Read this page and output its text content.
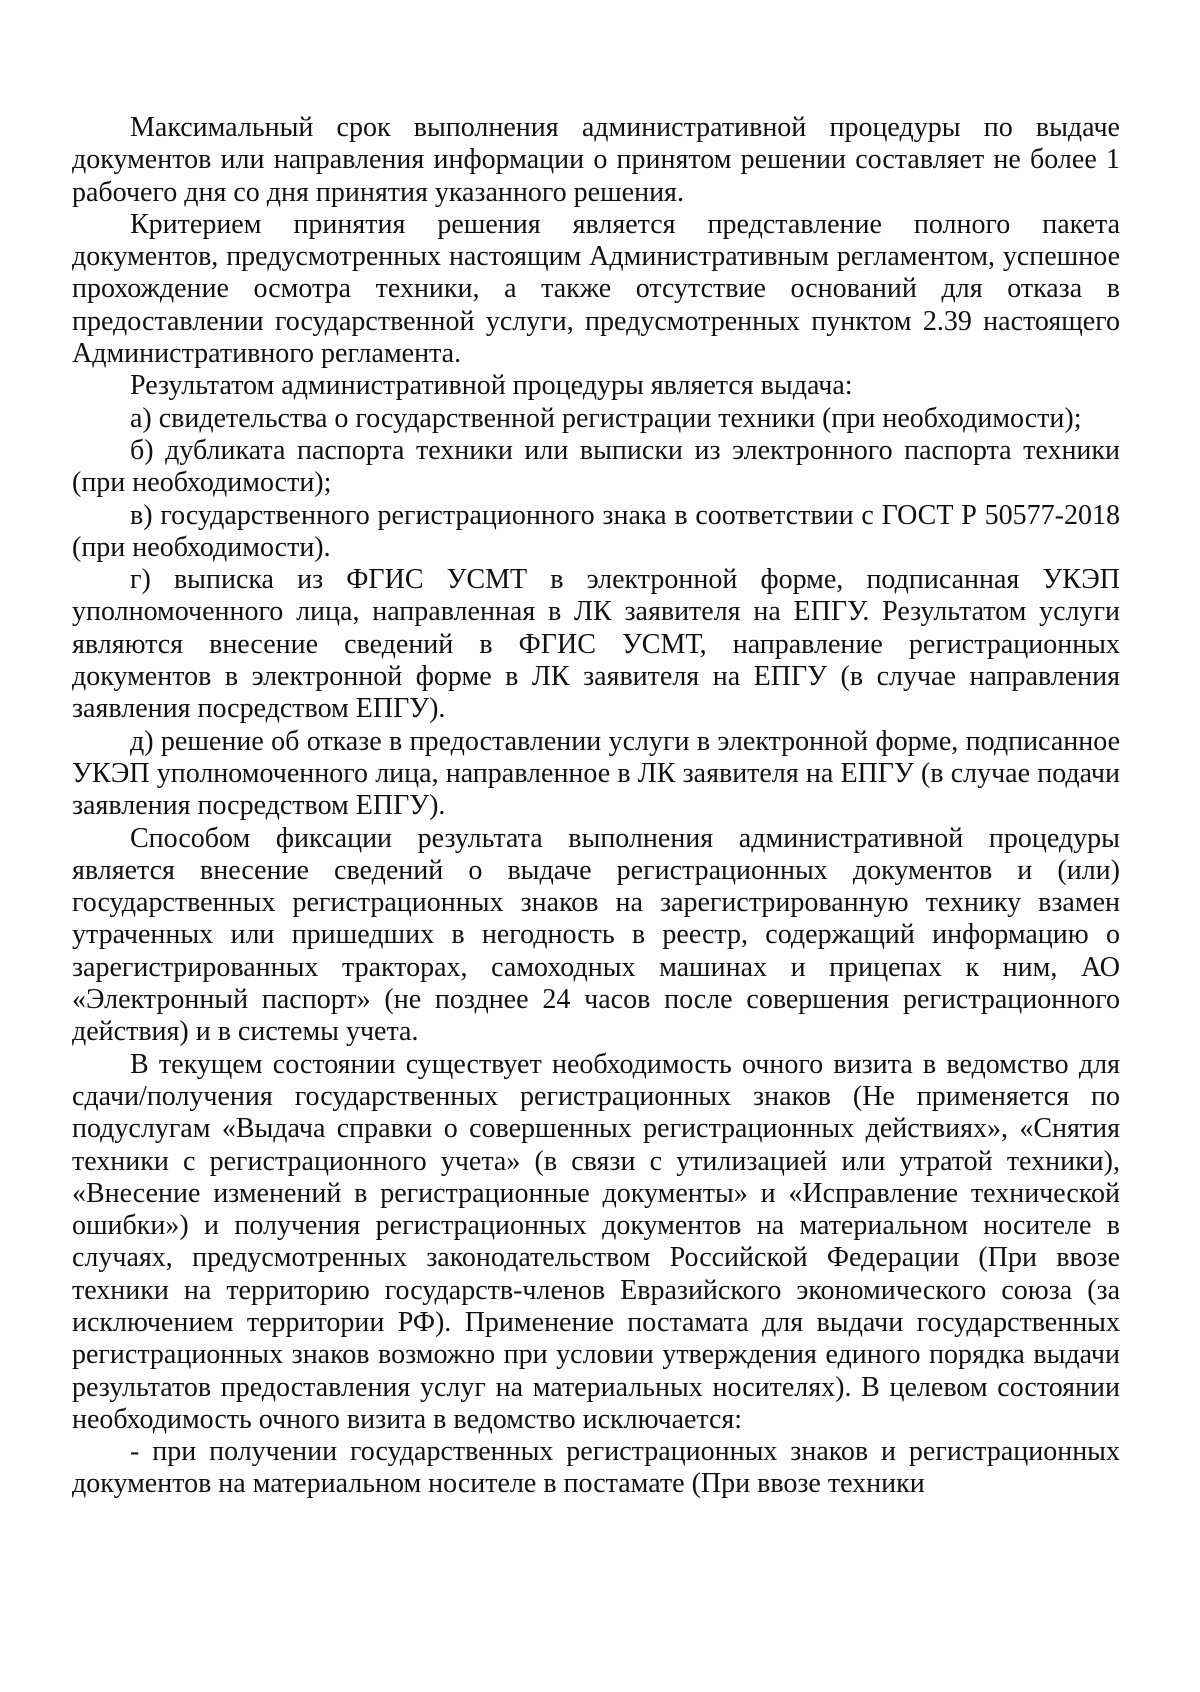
Максимальный срок выполнения административной процедуры по выдаче документов или направления информации о принятом решении составляет не более 1 рабочего дня со дня принятия указанного решения.

Критерием принятия решения является представление полного пакета документов, предусмотренных настоящим Административным регламентом, успешное прохождение осмотра техники, а также отсутствие оснований для отказа в предоставлении государственной услуги, предусмотренных пунктом 2.39 настоящего Административного регламента.

Результатом административной процедуры является выдача:

а) свидетельства о государственной регистрации техники (при необходимости);

б) дубликата паспорта техники или выписки из электронного паспорта техники (при необходимости);

в) государственного регистрационного знака в соответствии с ГОСТ Р 50577-2018 (при необходимости).

г) выписка из ФГИС УСМТ в электронной форме, подписанная УКЭП уполномоченного лица, направленная в ЛК заявителя на ЕПГУ. Результатом услуги являются внесение сведений в ФГИС УСМТ, направление регистрационных документов в электронной форме в ЛК заявителя на ЕПГУ (в случае направления заявления посредством ЕПГУ).

д) решение об отказе в предоставлении услуги в электронной форме, подписанное УКЭП уполномоченного лица, направленное в ЛК заявителя на ЕПГУ (в случае подачи заявления посредством ЕПГУ).

Способом фиксации результата выполнения административной процедуры является внесение сведений о выдаче регистрационных документов и (или) государственных регистрационных знаков на зарегистрированную технику взамен утраченных или пришедших в негодность в реестр, содержащий информацию о зарегистрированных тракторах, самоходных машинах и прицепах к ним, АО «Электронный паспорт» (не позднее 24 часов после совершения регистрационного действия) и в системы учета.

В текущем состоянии существует необходимость очного визита в ведомство для сдачи/получения государственных регистрационных знаков (Не применяется по подуслугам «Выдача справки о совершенных регистрационных действиях», «Снятия техники с регистрационного учета» (в связи с утилизацией или утратой техники), «Внесение изменений в регистрационные документы» и «Исправление технической ошибки») и получения регистрационных документов на материальном носителе в случаях, предусмотренных законодательством Российской Федерации (При ввозе техники на территорию государств-членов Евразийского экономического союза (за исключением территории РФ). Применение постамата для выдачи государственных регистрационных знаков возможно при условии утверждения единого порядка выдачи результатов предоставления услуг на материальных носителях). В целевом состоянии необходимость очного визита в ведомство исключается:

- при получении государственных регистрационных знаков и регистрационных документов на материальном носителе в постамате (При ввозе техники
